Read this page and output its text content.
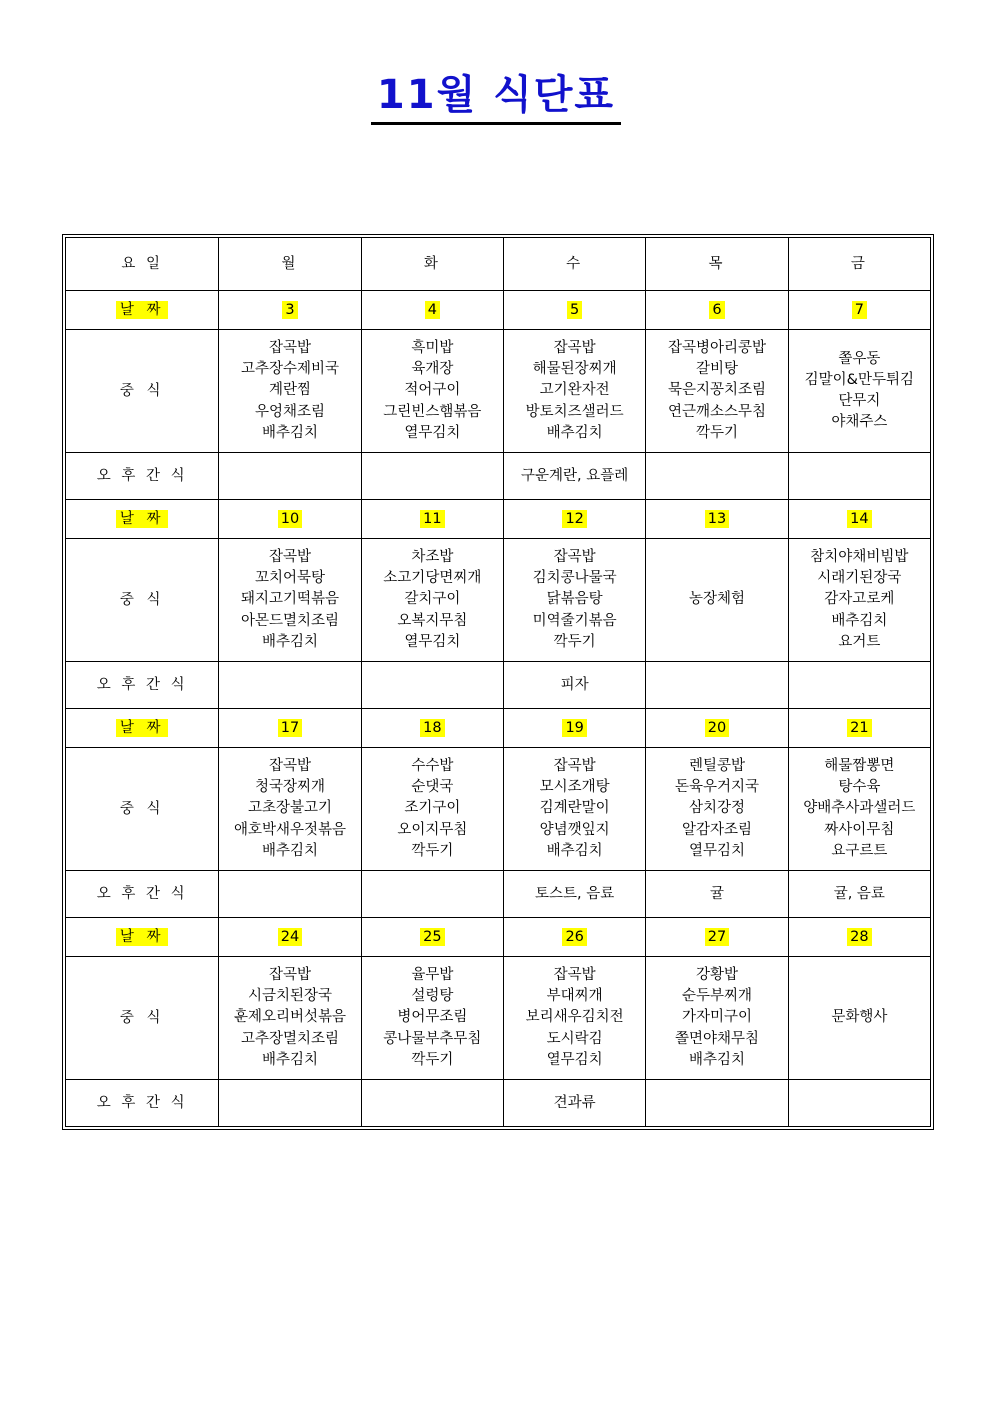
11월 식단표
요 일	월	화	수	목	금
날 짜	3	4	5	6	7
중 식	잡곡밥
고추장수제비국
계란찜
우엉채조림
배추김치	흑미밥
육개장
적어구이
그린빈스햄볶음
열무김치	잡곡밥
해물된장찌개
고기완자전
방토치즈샐러드
배추김치	잡곡병아리콩밥
갈비탕
묵은지꽁치조림
연근깨소스무침
깍두기	쫄우동
김말이&만두튀김
단무지
야채주스

오 후 간 식			구운계란, 요플레		
날 짜	10	11	12	13	14
중 식	잡곡밥
꼬치어묵탕
돼지고기떡볶음
아몬드멸치조림
배추김치	차조밥
소고기당면찌개
갈치구이
오복지무침
열무김치	잡곡밥
김치콩나물국
닭볶음탕
미역줄기볶음
깍두기	농장체험	참치야채비빔밥
시래기된장국
감자고로케
배추김치
요거트

오 후 간 식			피자		
날 짜	17	18	19	20	21
중 식	잡곡밥
청국장찌개
고초장불고기
애호박새우젓볶음
배추김치	수수밥
순댓국
조기구이
오이지무침
깍두기	잡곡밥
모시조개탕
김계란말이
양념깻잎지
배추김치	렌틸콩밥
돈육우거지국
삼치강정
알감자조림
열무김치	해물짬뽕면
탕수육
양배추사과샐러드
짜사이무침
요구르트

오 후 간 식			토스트, 음료	귤	귤, 음료
날 짜	24	25	26	27	28
중 식	잡곡밥
시금치된장국
훈제오리버섯볶음
고추장멸치조림
배추김치	율무밥
설렁탕
병어무조림
콩나물부추무침
깍두기	잡곡밥
부대찌개
보리새우김치전
도시락김
열무김치	강황밥
순두부찌개
가자미구이
쫄면야채무침
배추김치	문화행사

오 후 간 식			견과류		
